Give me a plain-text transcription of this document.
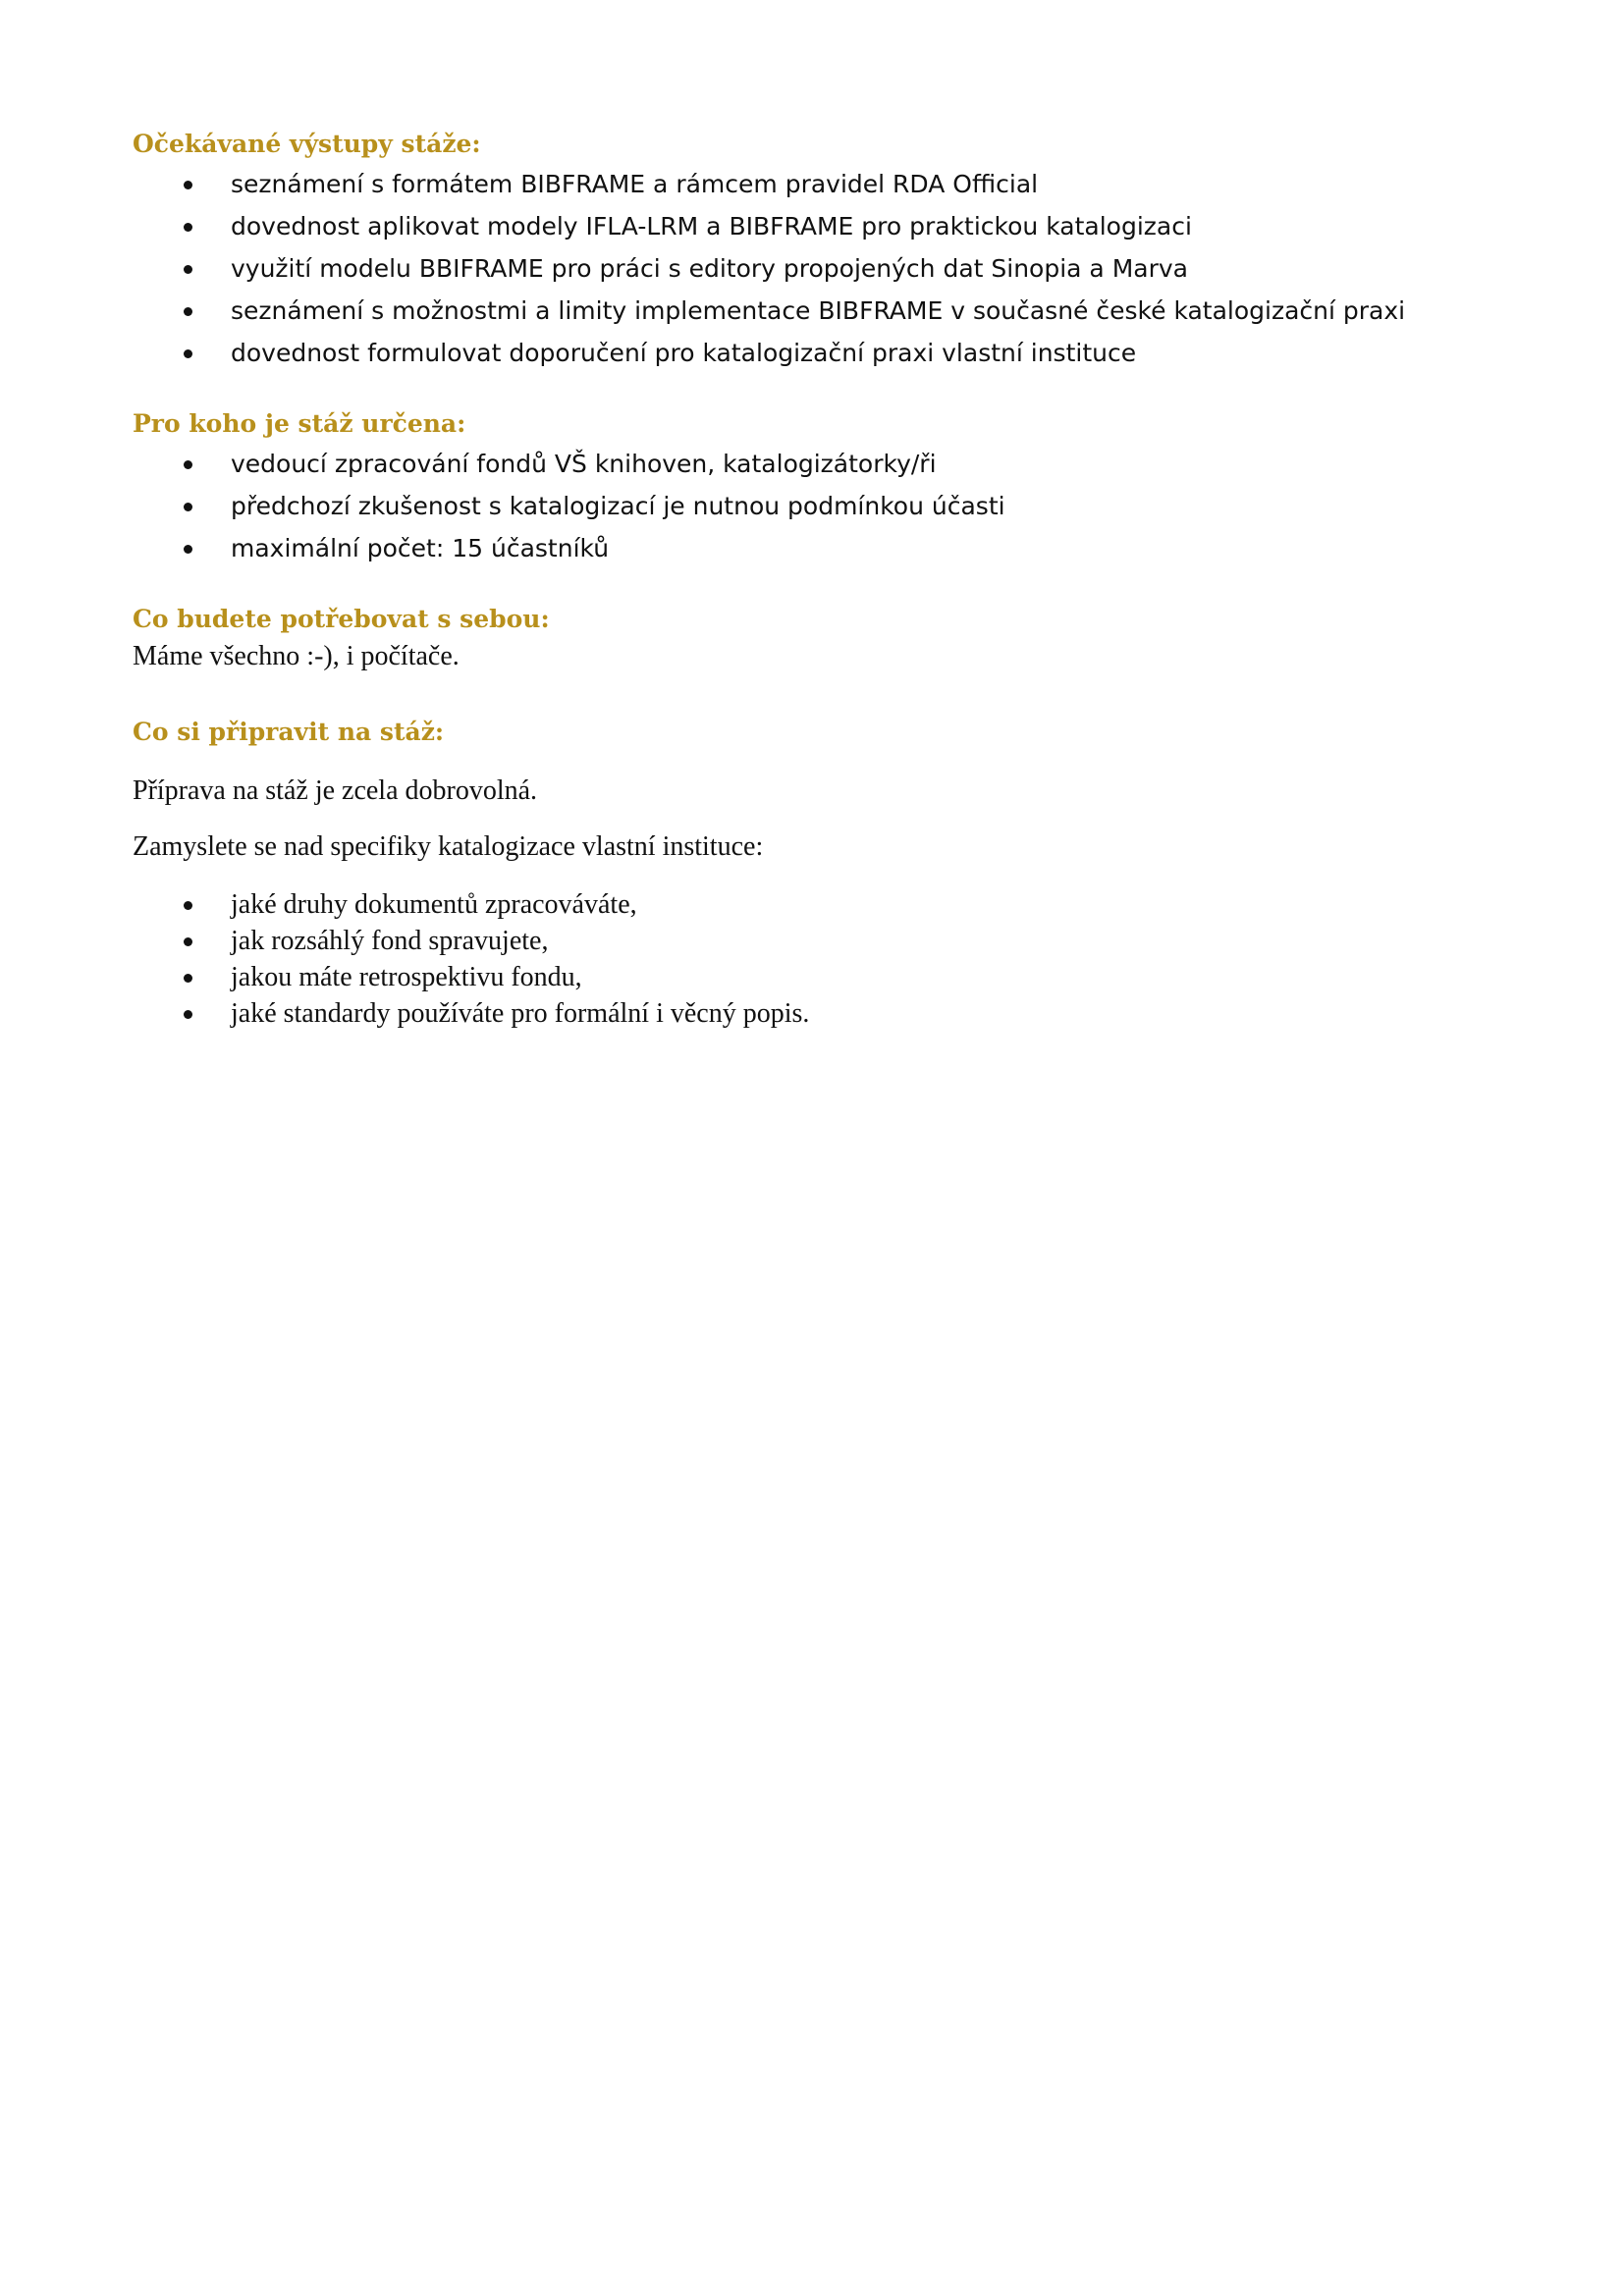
Očekávané výstupy stáže:
seznámení s formátem BIBFRAME a rámcem pravidel RDA Official
dovednost aplikovat modely IFLA-LRM a BIBFRAME pro praktickou katalogizaci
využití modelu BBIFRAME pro práci s editory propojených dat Sinopia a Marva
seznámení s možnostmi a limity implementace BIBFRAME v současné české katalogizační praxi
dovednost formulovat doporučení pro katalogizační praxi vlastní instituce
Pro koho je stáž určena:
vedoucí zpracování fondů VŠ knihoven, katalogizátorky/ři
předchozí zkušenost s katalogizací je nutnou podmínkou účasti
maximální počet: 15 účastníků
Co budete potřebovat s sebou:

Máme všechno :-), i počítače.

Co si připravit na stáž:

Příprava na stáž je zcela dobrovolná.

Zamyslete se nad specifiky katalogizace vlastní instituce:

jaké druhy dokumentů zpracováváte,
jak rozsáhlý fond spravujete,
jakou máte retrospektivu fondu,
jaké standardy používáte pro formální i věcný popis.
